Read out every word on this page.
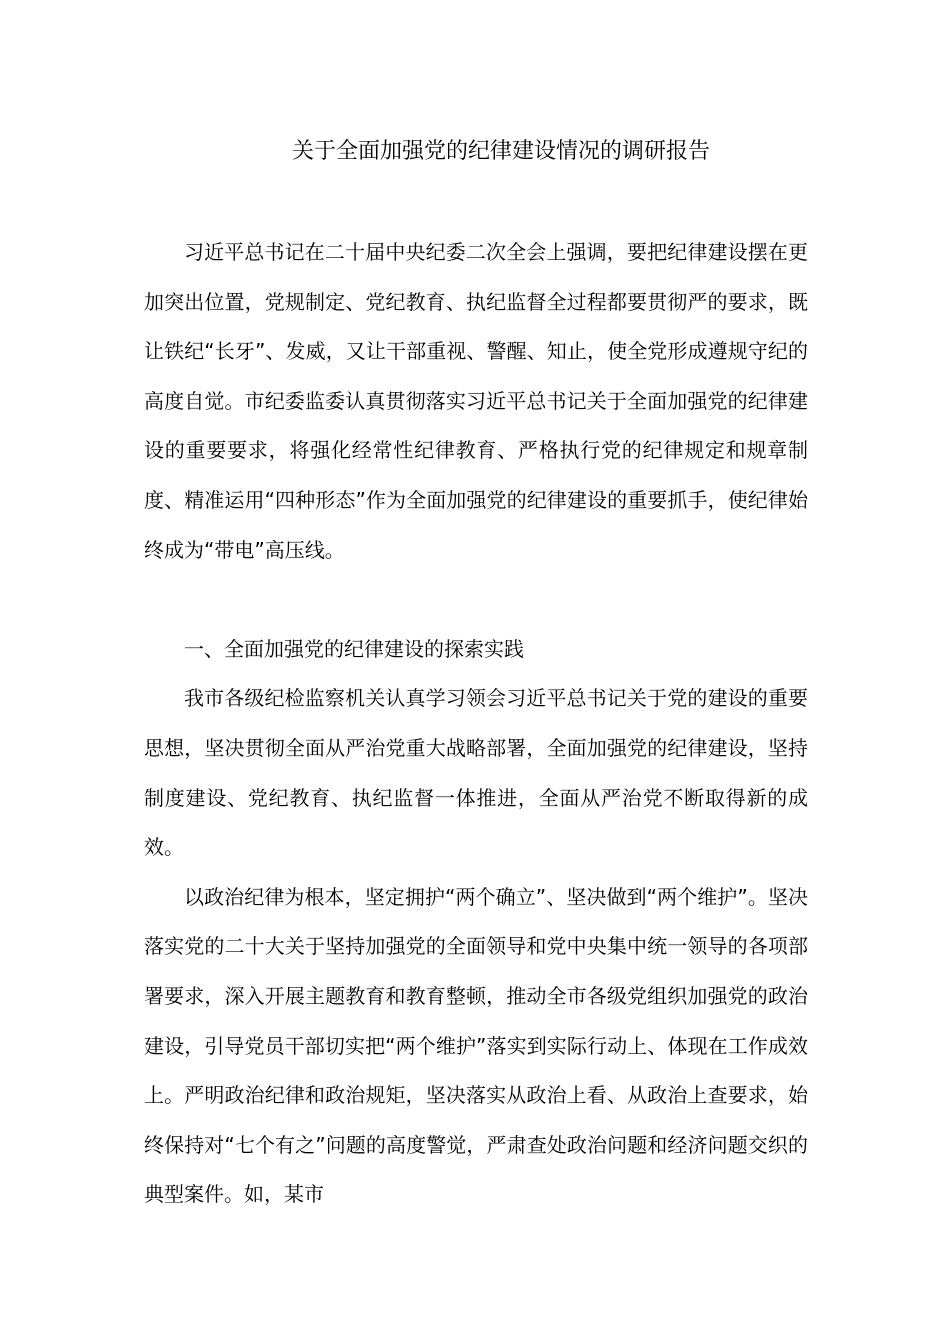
关于全面加强党的纪律建设情况的调研报告

习近平总书记在二十届中央纪委二次全会上强调，要把纪律建设摆在更加突出位置，党规制定、党纪教育、执纪监督全过程都要贯彻严的要求，既让铁纪“长牙”、发威，又让干部重视、警醒、知止，使全党形成遵规守纪的高度自觉。市纪委监委认真贯彻落实习近平总书记关于全面加强党的纪律建设的重要要求，将强化经常性纪律教育、严格执行党的纪律规定和规章制度、精准运用“四种形态”作为全面加强党的纪律建设的重要抓手，使纪律始终成为“带电”高压线。

一、全面加强党的纪律建设的探索实践

我市各级纪检监察机关认真学习领会习近平总书记关于党的建设的重要思想，坚决贯彻全面从严治党重大战略部署，全面加强党的纪律建设，坚持制度建设、党纪教育、执纪监督一体推进，全面从严治党不断取得新的成效。

以政治纪律为根本，坚定拥护“两个确立”、坚决做到“两个维护”。坚决落实党的二十大关于坚持加强党的全面领导和党中央集中统一领导的各项部署要求，深入开展主题教育和教育整顿，推动全市各级党组织加强党的政治建设，引导党员干部切实把“两个维护”落实到实际行动上、体现在工作成效上。严明政治纪律和政治规矩，坚决落实从政治上看、从政治上查要求，始终保持对“七个有之”问题的高度警觉，严肃查处政治问题和经济问题交织的典型案件。如，某市
